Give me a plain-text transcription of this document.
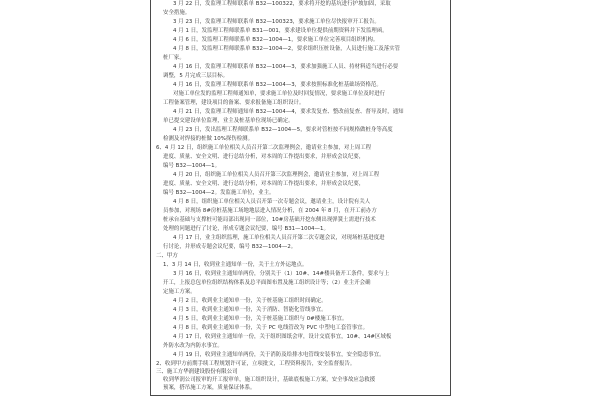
3 月 22 日，发监理工程师联系单 B32—100322，要求将开挖的基坑进行护坡加固，采取
安全措施。
3 月 23 日，发监理工程师联系单 B32—100323，要求施工单位尽快报审开工报告。
4 月 1 日，发监理工程师联系单 B31—001，要求建设单位提供前期资料并下发监理函。
4 月 6 日，发监理工程师联系单 B32—1004—1，要求施工单位完善项目组织机构。
4 月 8 日，发监理工程师联系单 B32—1004—2，要求组织压桩设备，人员进行施工及落实管
桩厂家。
4 月 16 日，发监理工程师联系单 B32—1004—3，要求加强施工人员、持材料适当进行必要
调整，5 月完成三层目标。
4 月 16 日，发监理工程师联系单 B32—1004—3，要求按照标准化桩基础场资格范。
对施工单位发的监理工程师通知单，要求施工单位及时回复情况，要求施工单位及时进行
工程备案管理，建设项目的备案、要求报备施工组织设计。
4 月 21 日，发监理工程师通知单 B32—1004—4，要求发复查、整改前复查、督导及时，通知
单已提交建设单位监理，业主及桩基单位现场已确定。
4 月 23 日，发出监理工程师联系单 B32—1004—5，要求对管桩按不同规格做桩身等高度
检测及对焊接的桩做 10%探伤检测。
6、4 月 12 日，组织施工单位相关人员召开第二次监理例会，邀请业主参加，对上周工程
进度、质量、安全文明、进行总结分析，对本周的工作提出要求，并形成会议纪要，
编号 B32—1004—1。
4 月 20 日，组织施工单位相关人员召开第三次监理例会，邀请业主参加，对上周工程
进度、质量、安全文明、进行总结分析，对本周的工作提出要求，并形成会议纪要，
编号 B32—1004—2。发监施工单位，业主。
4 月 8 日，组织施工单位相关人员召开第一次专题会议，邀请业主，设计院有关人
员参加，对现场 8#房桩基施工场地地层进入情况分析，在 2004 年 8 月，在开工前办方
桩承台基础与支撑桩可能局部出现同一部位，10#房基础开挖东侧出现弹簧土需进行技术
处理的问题进行了讨论，形成专题会议纪要，编号 B31—1004—1。
4 月 17 日，业主组织监理，施工单位相关人员召开第二次专题会议，对现场桩基进度进
行讨论，并形成专题会议纪要，编号 B32—1004—2。
二、甲方
1、3 月 14 日，收到业主通知单一份，关于土方外运地点。
3 月 16 日，收到业主通知单两份，分别关于（1）10#、14#楼具备开工条件，要求与上
开工，上报总包单位组织结构体系及总平面图布置及施工组织设计等；（2）业主开会确
定施工方案。
4 月 2 日，收到业主通知单一份，关于桩基施工组织时间确定。
4 月 3 日，收到业主通知单一份，关于消防、智能化管线事宜。
4 月 5 日，收到业主通知单一份，关于桩基施工组织与 0#楼施工事宜。
4 月 8 日，收到业主通知单一份，关于 PC 电线管改为 PVC 中塑电工套管事宜。
4 月 17 日，收到业主通知单一份，关于组织图纸会审，设计交底事宜，10#、14#区域板
外防水改为内防水事宜。
4 月 19 日，收到业主通知单两份，关于消防及给排水电管线安装事宜，安全隐患事宜。
2、收到甲方前期手续工程规划许可证，立项批文，工程资料报告，安全监督报告。
三、施工方华润建设股份有限公司
收到华润公司报审的开工报审单，施工组织设计，基础底板施工方案，安全事故应急救援
预案，搭吊施工方案，质量保证体系。
